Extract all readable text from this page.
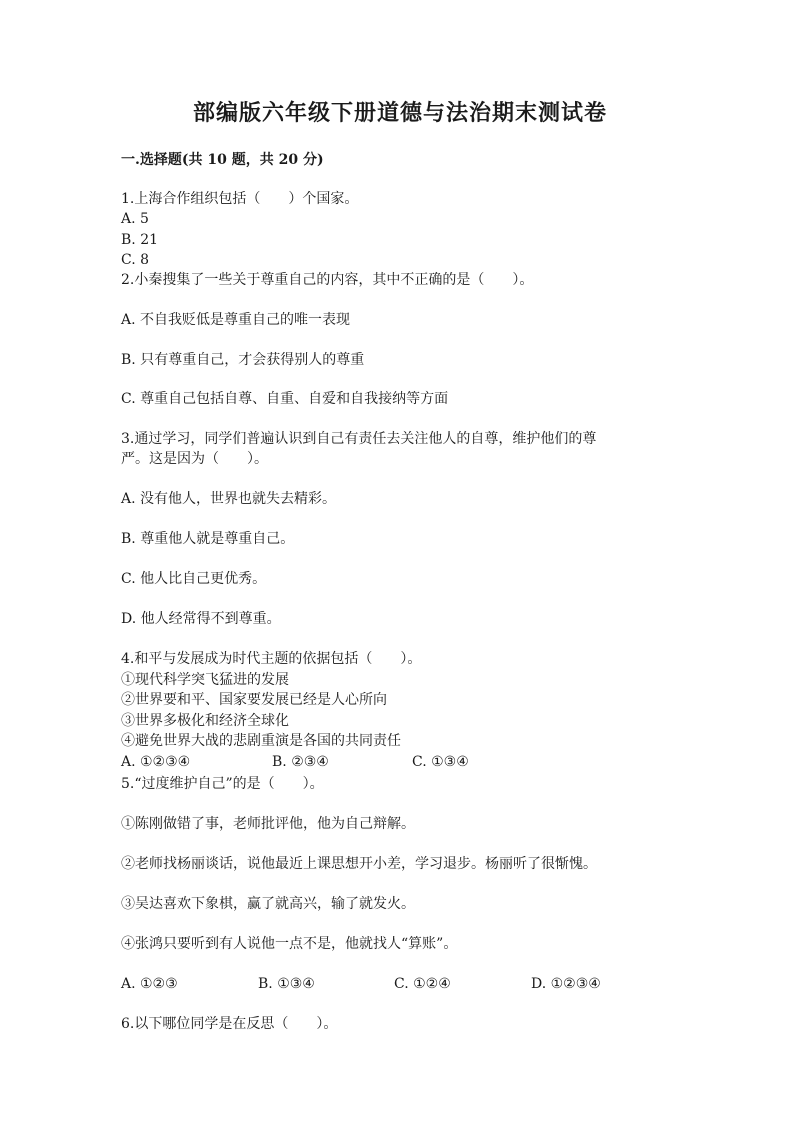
部编版六年级下册道德与法治期末测试卷
一.选择题(共 10 题，共 20 分)
1.上海合作组织包括（　　）个国家。
A. 5
B. 21
C. 8
2.小秦搜集了一些关于尊重自己的内容，其中不正确的是（　　）。
A. 不自我贬低是尊重自己的唯一表现
B. 只有尊重自己，才会获得别人的尊重
C. 尊重自己包括自尊、自重、自爱和自我接纳等方面
3.通过学习，同学们普遍认识到自己有责任去关注他人的自尊，维护他们的尊
严。这是因为（　　）。
A. 没有他人，世界也就失去精彩。
B. 尊重他人就是尊重自己。
C. 他人比自己更优秀。
D. 他人经常得不到尊重。
4.和平与发展成为时代主题的依据包括（　　）。
①现代科学突飞猛进的发展
②世界要和平、国家要发展已经是人心所向
③世界多极化和经济全球化
④避免世界大战的悲剧重演是各国的共同责任
A. ①②③④	B. ②③④	C. ①③④
5.“过度维护自己”的是（　　）。
①陈刚做错了事，老师批评他，他为自己辩解。
②老师找杨丽谈话，说他最近上课思想开小差，学习退步。杨丽听了很惭愧。
③吴达喜欢下象棋，赢了就高兴，输了就发火。
④张鸿只要听到有人说他一点不是，他就找人“算账”。
A. ①②③	B. ①③④	C. ①②④	D. ①②③④
6.以下哪位同学是在反思（　　）。
